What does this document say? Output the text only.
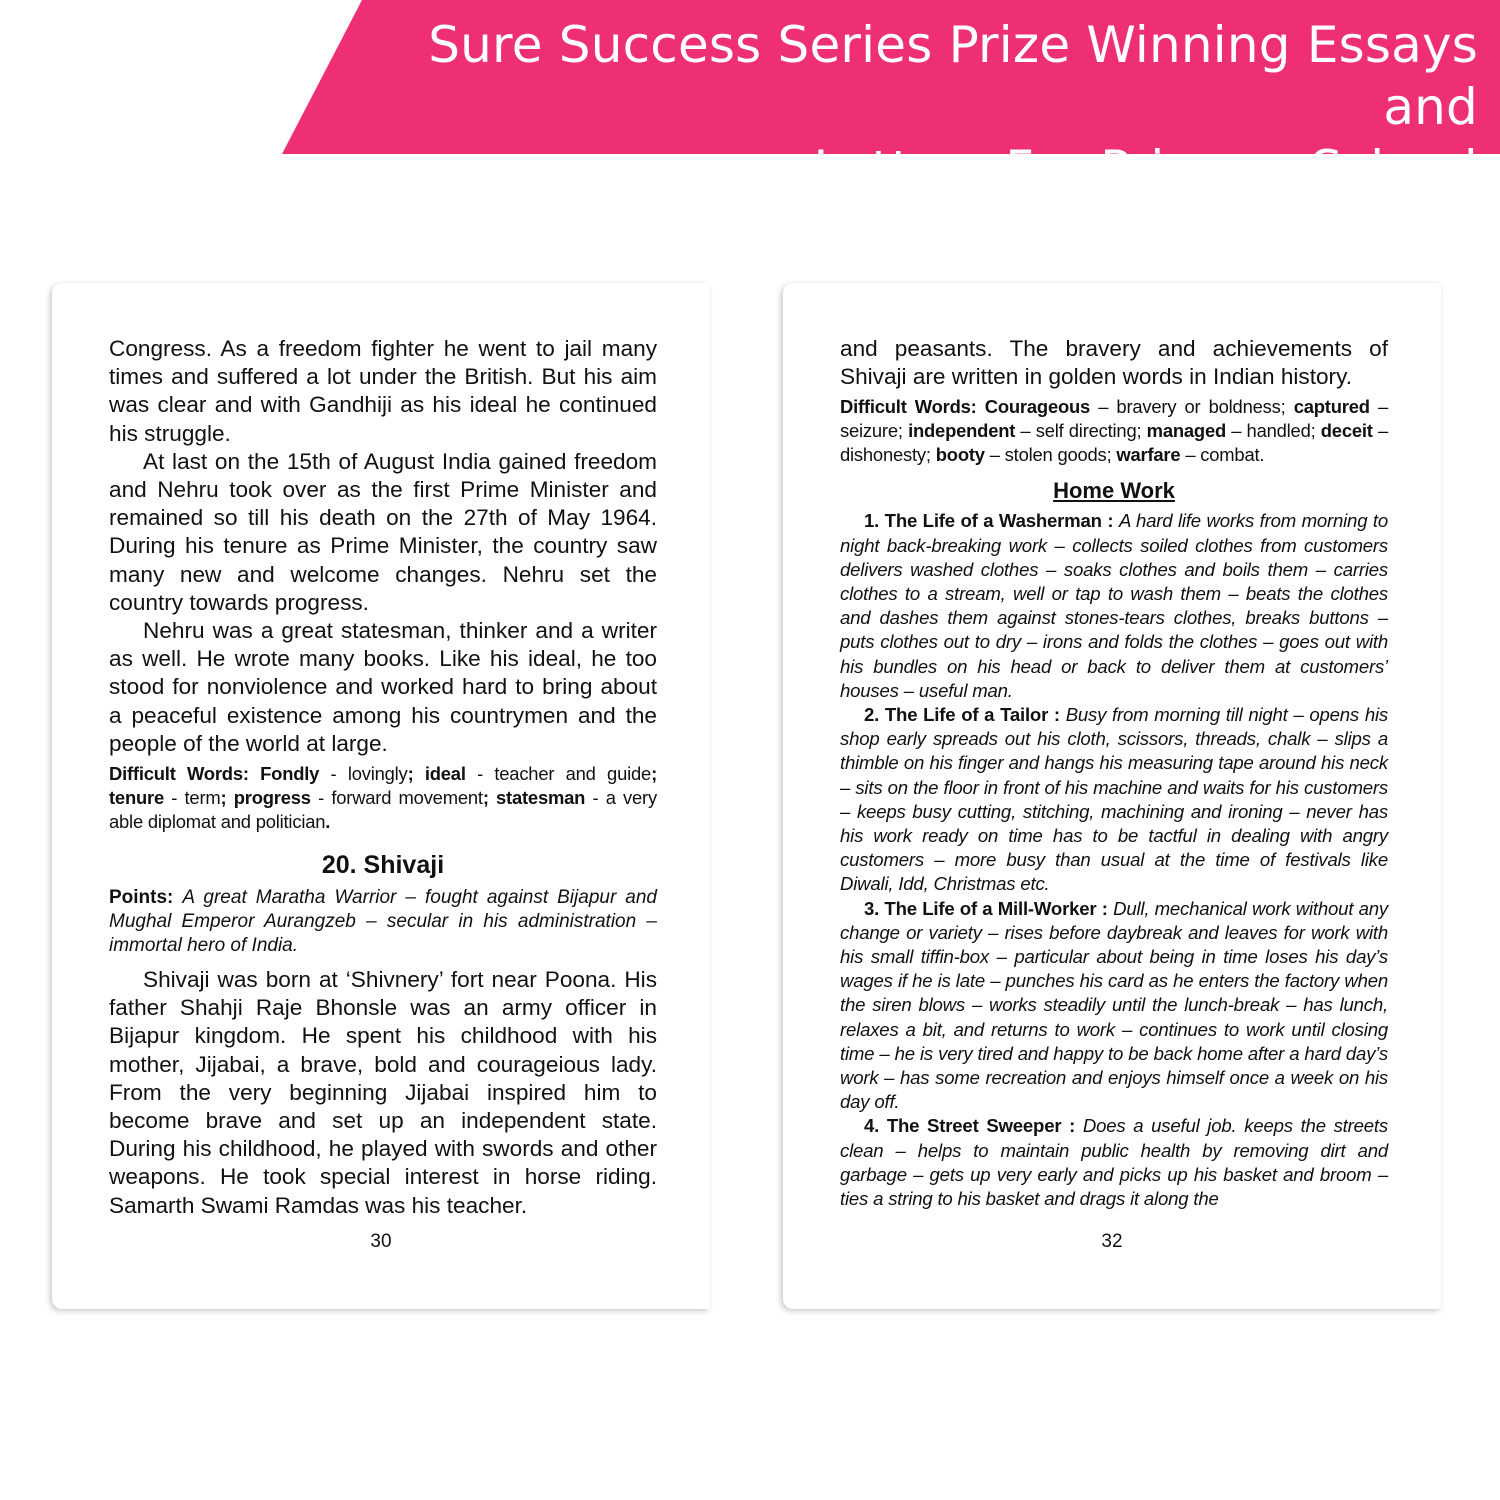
Sure Success Series Prize Winning Essays and
Letters For Primary School

Congress. As a freedom fighter he went to jail many times and suffered a lot under the British. But his aim was clear and with Gandhiji as his ideal he continued his struggle.

At last on the 15th of August India gained freedom and Nehru took over as the first Prime Minister and remained so till his death on the 27th of May 1964. During his tenure as Prime Minister, the country saw many new and welcome changes. Nehru set the country towards progress.

Nehru was a great statesman, thinker and a writer as well. He wrote many books. Like his ideal, he too stood for nonviolence and worked hard to bring about a peaceful existence among his countrymen and the people of the world at large.

Difficult Words: Fondly - lovingly; ideal - teacher and guide; tenure - term; progress - forward movement; statesman - a very able diplomat and politician.

20. Shivaji

Points: A great Maratha Warrior – fought against Bijapur and Mughal Emperor Aurangzeb – secular in his administration – immortal hero of India.

Shivaji was born at ‘Shivnery’ fort near Poona. His father Shahji Raje Bhonsle was an army officer in Bijapur kingdom. He spent his childhood with his mother, Jijabai, a brave, bold and courageious lady. From the very beginning Jijabai inspired him to become brave and set up an independent state. During his childhood, he played with swords and other weapons. He took special interest in horse riding. Samarth Swami Ramdas was his teacher.

30

and peasants. The bravery and achievements of Shivaji are written in golden words in Indian history.

Difficult Words: Courageous – bravery or boldness; captured – seizure; independent – self directing; managed – handled; deceit – dishonesty; booty – stolen goods; warfare – combat.

Home Work

1. The Life of a Washerman : A hard life works from morning to night back-breaking work – collects soiled clothes from customers delivers washed clothes – soaks clothes and boils them – carries clothes to a stream, well or tap to wash them – beats the clothes and dashes them against stones-tears clothes, breaks buttons – puts clothes out to dry – irons and folds the clothes – goes out with his bundles on his head or back to deliver them at customers’ houses – useful man.

2. The Life of a Tailor : Busy from morning till night – opens his shop early spreads out his cloth, scissors, threads, chalk – slips a thimble on his finger and hangs his measuring tape around his neck – sits on the floor in front of his machine and waits for his customers – keeps busy cutting, stitching, machining and ironing – never has his work ready on time has to be tactful in dealing with angry customers – more busy than usual at the time of festivals like Diwali, Idd, Christmas etc.

3. The Life of a Mill-Worker : Dull, mechanical work without any change or variety – rises before daybreak and leaves for work with his small tiffin-box – particular about being in time loses his day’s wages if he is late – punches his card as he enters the factory when the siren blows – works steadily until the lunch-break – has lunch, relaxes a bit, and returns to work – continues to work until closing time – he is very tired and happy to be back home after a hard day’s work – has some recreation and enjoys himself once a week on his day off.

4. The Street Sweeper : Does a useful job. keeps the streets clean – helps to maintain public health by removing dirt and garbage – gets up very early and picks up his basket and broom – ties a string to his basket and drags it along the

32
